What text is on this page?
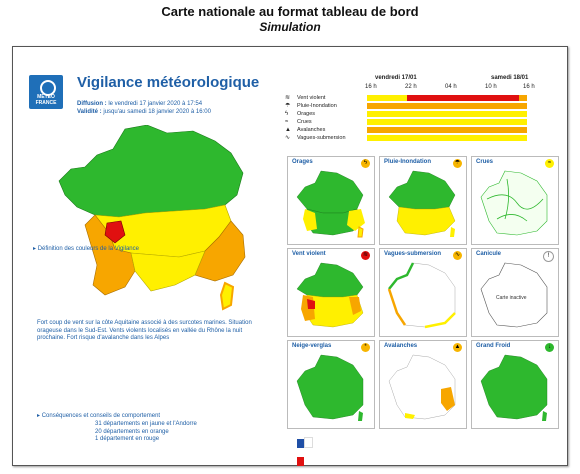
Carte nationale au format tableau de bord
Simulation
METEO FRANCE
Vigilance météorologique
Diffusion : le vendredi 17 janvier 2020 à 17:54
Validité : jusqu'au samedi 18 janvier 2020 à 16:00
▸ Définition des couleurs de la Vigilance
Fort coup de vent sur la côte Aquitaine associé à des surcotes marines. Situation orageuse dans le Sud-Est. Vents violents localisés en vallée du Rhône la nuit prochaine. Fort risque d'avalanche dans les Alpes
▸ Conséquences et conseils de comportement
31 départements en jaune et l'Andorre
20 départements en orange
1 département en rouge
vendredi 17/01	samedi 18/01
16 h	22 h	04 h	10 h	16 h
≋	Vent violent
☂	Pluie-Inondation
ϟ	Orages
≈	Crues
▲	Avalanches
∿	Vagues-submersion
Orages	ϟ	Pluie-Inondation	☂	Crues	≈
Vent violent	≋	Vagues-submersion	∿	Canicule	!
Carte inactive
Neige-verglas	*	Avalanches	▲	Grand Froid	↓
